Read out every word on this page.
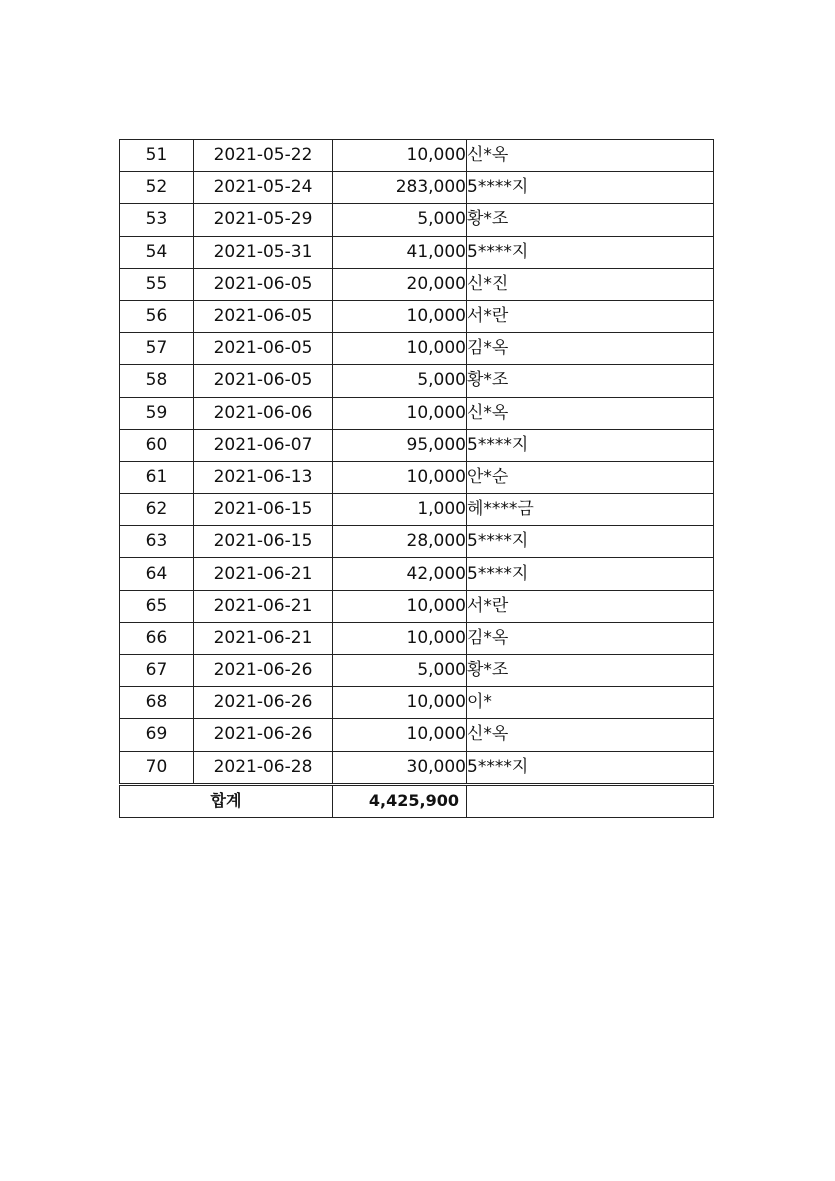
51	2021-05-22	10,000	신*옥
52	2021-05-24	283,000	5****지
53	2021-05-29	5,000	황*조
54	2021-05-31	41,000	5****지
55	2021-06-05	20,000	신*진
56	2021-06-05	10,000	서*란
57	2021-06-05	10,000	김*옥
58	2021-06-05	5,000	황*조
59	2021-06-06	10,000	신*옥
60	2021-06-07	95,000	5****지
61	2021-06-13	10,000	안*순
62	2021-06-15	1,000	헤****금
63	2021-06-15	28,000	5****지
64	2021-06-21	42,000	5****지
65	2021-06-21	10,000	서*란
66	2021-06-21	10,000	김*옥
67	2021-06-26	5,000	황*조
68	2021-06-26	10,000	이*
69	2021-06-26	10,000	신*옥
70	2021-06-28	30,000	5****지
합계		4,425,900	
